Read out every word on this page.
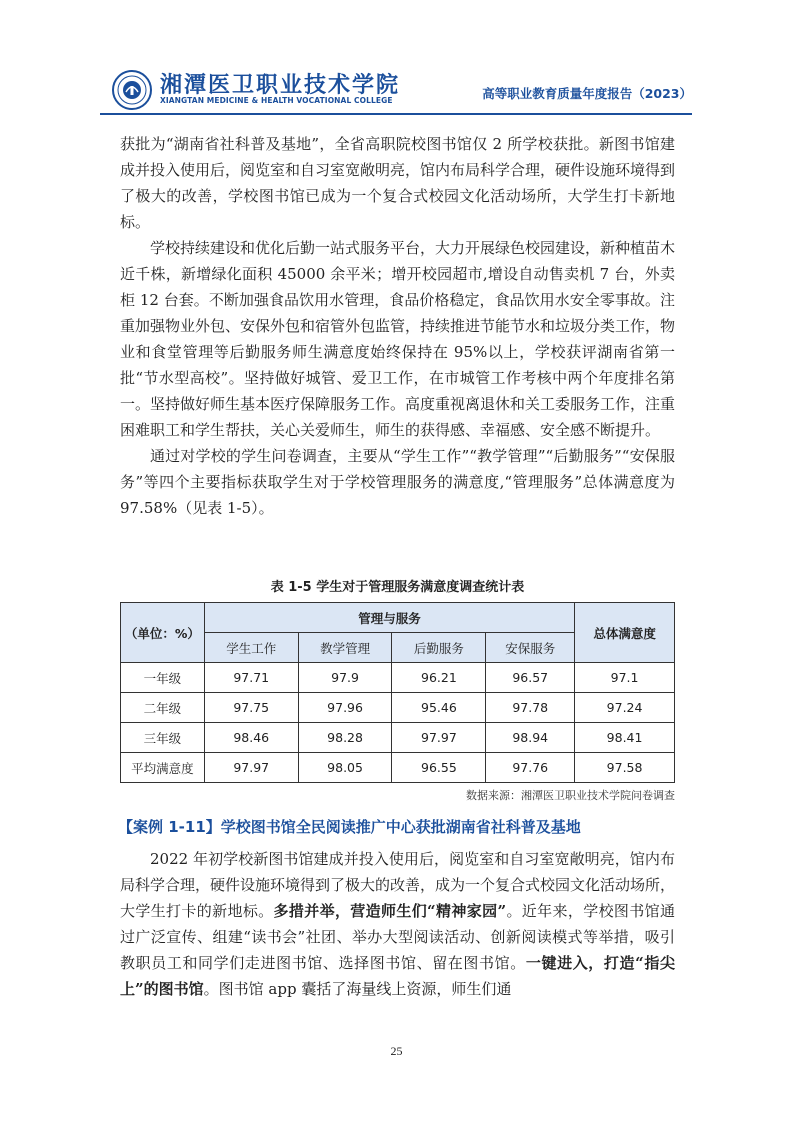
湘潭医卫职业技术学院
XIANGTAN MEDICINE & HEALTH VOCATIONAL COLLEGE	高等职业教育质量年度报告（2023）

获批为“湖南省社科普及基地”，全省高职院校图书馆仅 2 所学校获批。新图书馆建成并投入使用后，阅览室和自习室宽敞明亮，馆内布局科学合理，硬件设施环境得到了极大的改善，学校图书馆已成为一个复合式校园文化活动场所，大学生打卡新地标。

学校持续建设和优化后勤一站式服务平台，大力开展绿色校园建设，新种植苗木近千株，新增绿化面积 45000 余平米；增开校园超市,增设自动售卖机 7 台，外卖柜 12 台套。不断加强食品饮用水管理，食品价格稳定，食品饮用水安全零事故。注重加强物业外包、安保外包和宿管外包监管，持续推进节能节水和垃圾分类工作，物业和食堂管理等后勤服务师生满意度始终保持在 95%以上，学校获评湖南省第一批“节水型高校”。坚持做好城管、爱卫工作，在市城管工作考核中两个年度排名第一。坚持做好师生基本医疗保障服务工作。高度重视离退休和关工委服务工作，注重困难职工和学生帮扶，关心关爱师生，师生的获得感、幸福感、安全感不断提升。

通过对学校的学生问卷调查，主要从“学生工作”“教学管理”“后勤服务”“安保服务”等四个主要指标获取学生对于学校管理服务的满意度,“管理服务”总体满意度为 97.58%（见表 1-5）。

表 1-5 学生对于管理服务满意度调查统计表
（单位：%）	管理与服务				总体满意度
	学生工作	教学管理	后勤服务	安保服务	
一年级	97.71	97.9	96.21	96.57	97.1
二年级	97.75	97.96	95.46	97.78	97.24
三年级	98.46	98.28	97.97	98.94	98.41
平均满意度	97.97	98.05	96.55	97.76	97.58
数据来源：湘潭医卫职业技术学院问卷调查
【案例 1-11】学校图书馆全民阅读推广中心获批湖南省社科普及基地

2022 年初学校新图书馆建成并投入使用后，阅览室和自习室宽敞明亮，馆内布局科学合理，硬件设施环境得到了极大的改善，成为一个复合式校园文化活动场所，大学生打卡的新地标。多措并举，营造师生们“精神家园”。近年来，学校图书馆通过广泛宣传、组建“读书会”社团、举办大型阅读活动、创新阅读模式等举措，吸引教职员工和同学们走进图书馆、选择图书馆、留在图书馆。一键进入，打造“指尖上”的图书馆。图书馆 app 囊括了海量线上资源，师生们通

25
